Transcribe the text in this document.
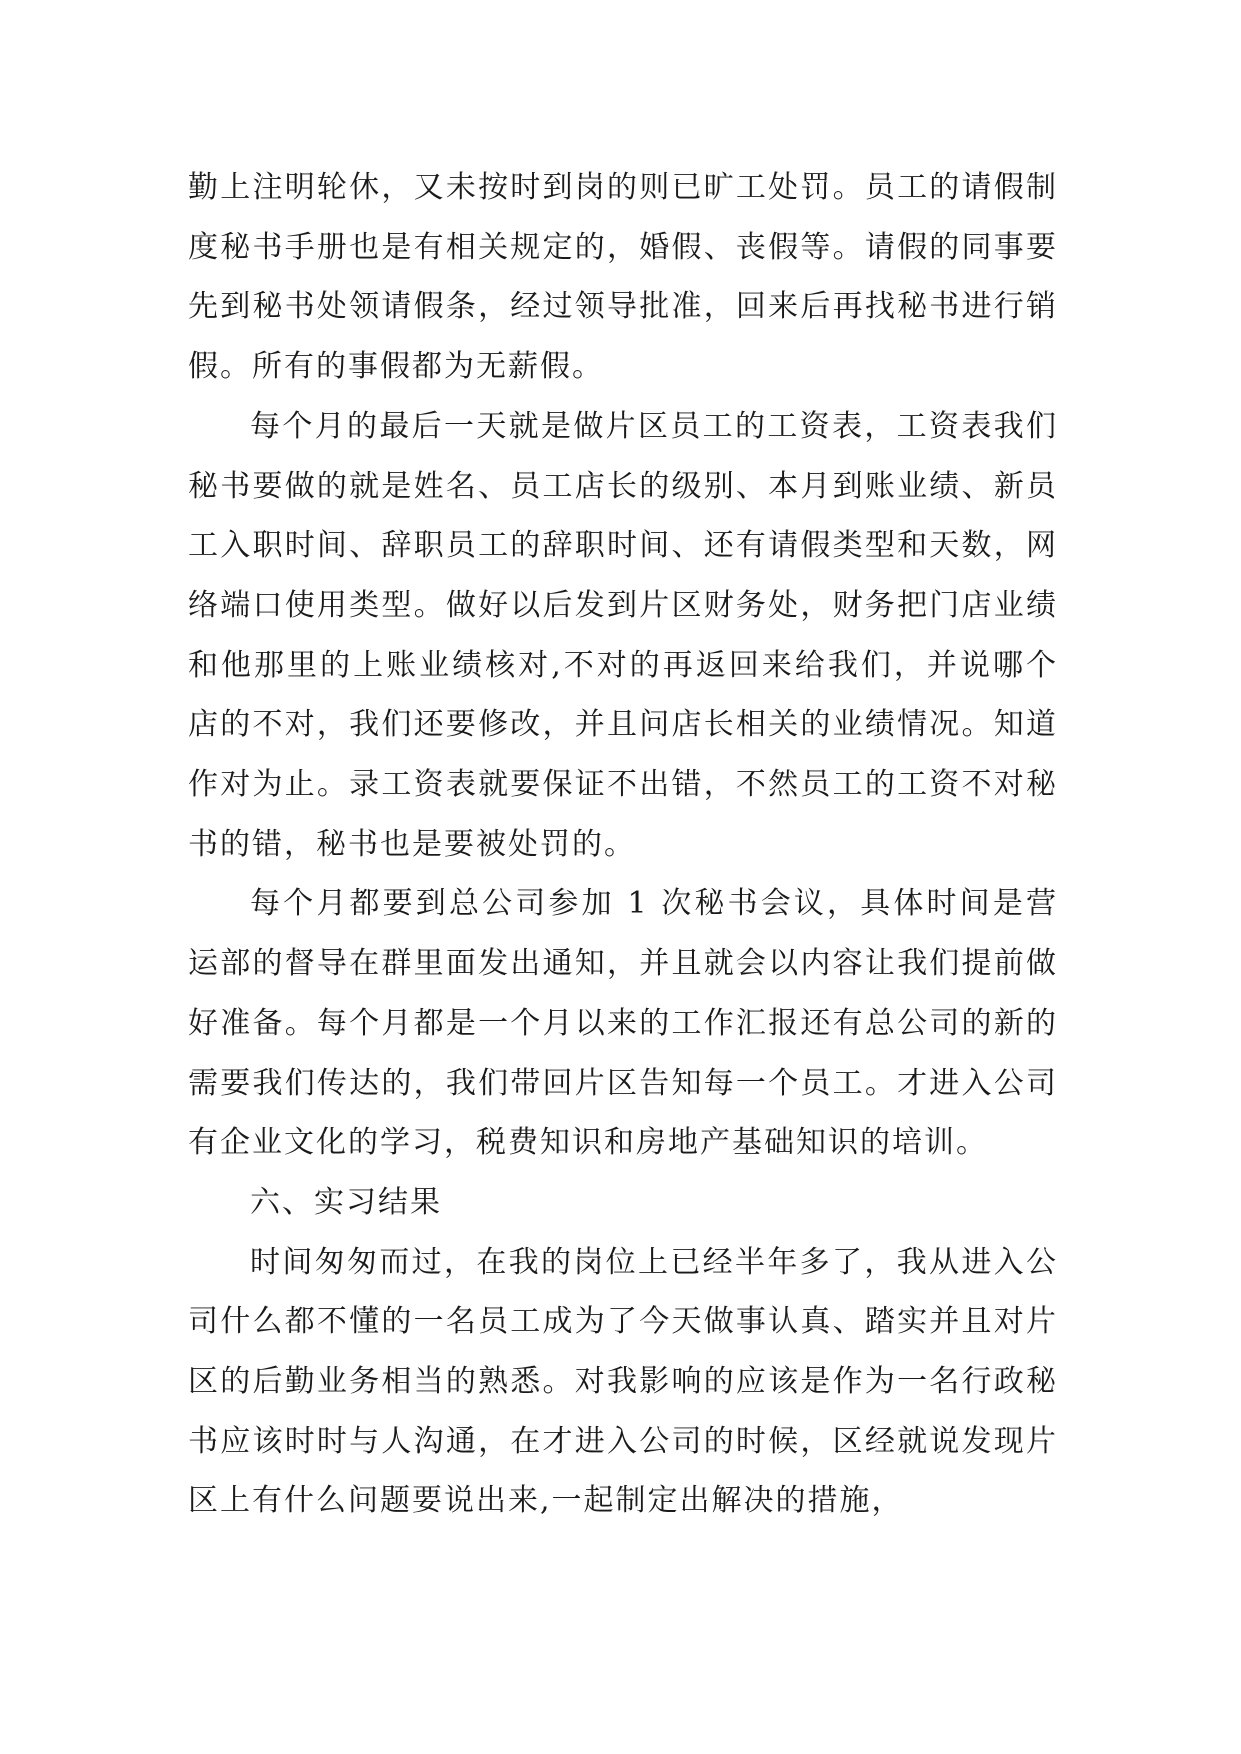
勤上注明轮休，又未按时到岗的则已旷工处罚。员工的请假制度秘书手册也是有相关规定的，婚假、丧假等。请假的同事要先到秘书处领请假条，经过领导批准，回来后再找秘书进行销假。所有的事假都为无薪假。

每个月的最后一天就是做片区员工的工资表，工资表我们秘书要做的就是姓名、员工店长的级别、本月到账业绩、新员工入职时间、辞职员工的辞职时间、还有请假类型和天数，网络端口使用类型。做好以后发到片区财务处，财务把门店业绩和他那里的上账业绩核对,不对的再返回来给我们，并说哪个店的不对，我们还要修改，并且问店长相关的业绩情况。知道作对为止。录工资表就要保证不出错，不然员工的工资不对秘书的错，秘书也是要被处罚的。

每个月都要到总公司参加 1 次秘书会议，具体时间是营运部的督导在群里面发出通知，并且就会以内容让我们提前做好准备。每个月都是一个月以来的工作汇报还有总公司的新的需要我们传达的，我们带回片区告知每一个员工。才进入公司有企业文化的学习，税费知识和房地产基础知识的培训。

六、实习结果

时间匆匆而过，在我的岗位上已经半年多了，我从进入公司什么都不懂的一名员工成为了今天做事认真、踏实并且对片区的后勤业务相当的熟悉。对我影响的应该是作为一名行政秘书应该时时与人沟通，在才进入公司的时候，区经就说发现片区上有什么问题要说出来,一起制定出解决的措施，
